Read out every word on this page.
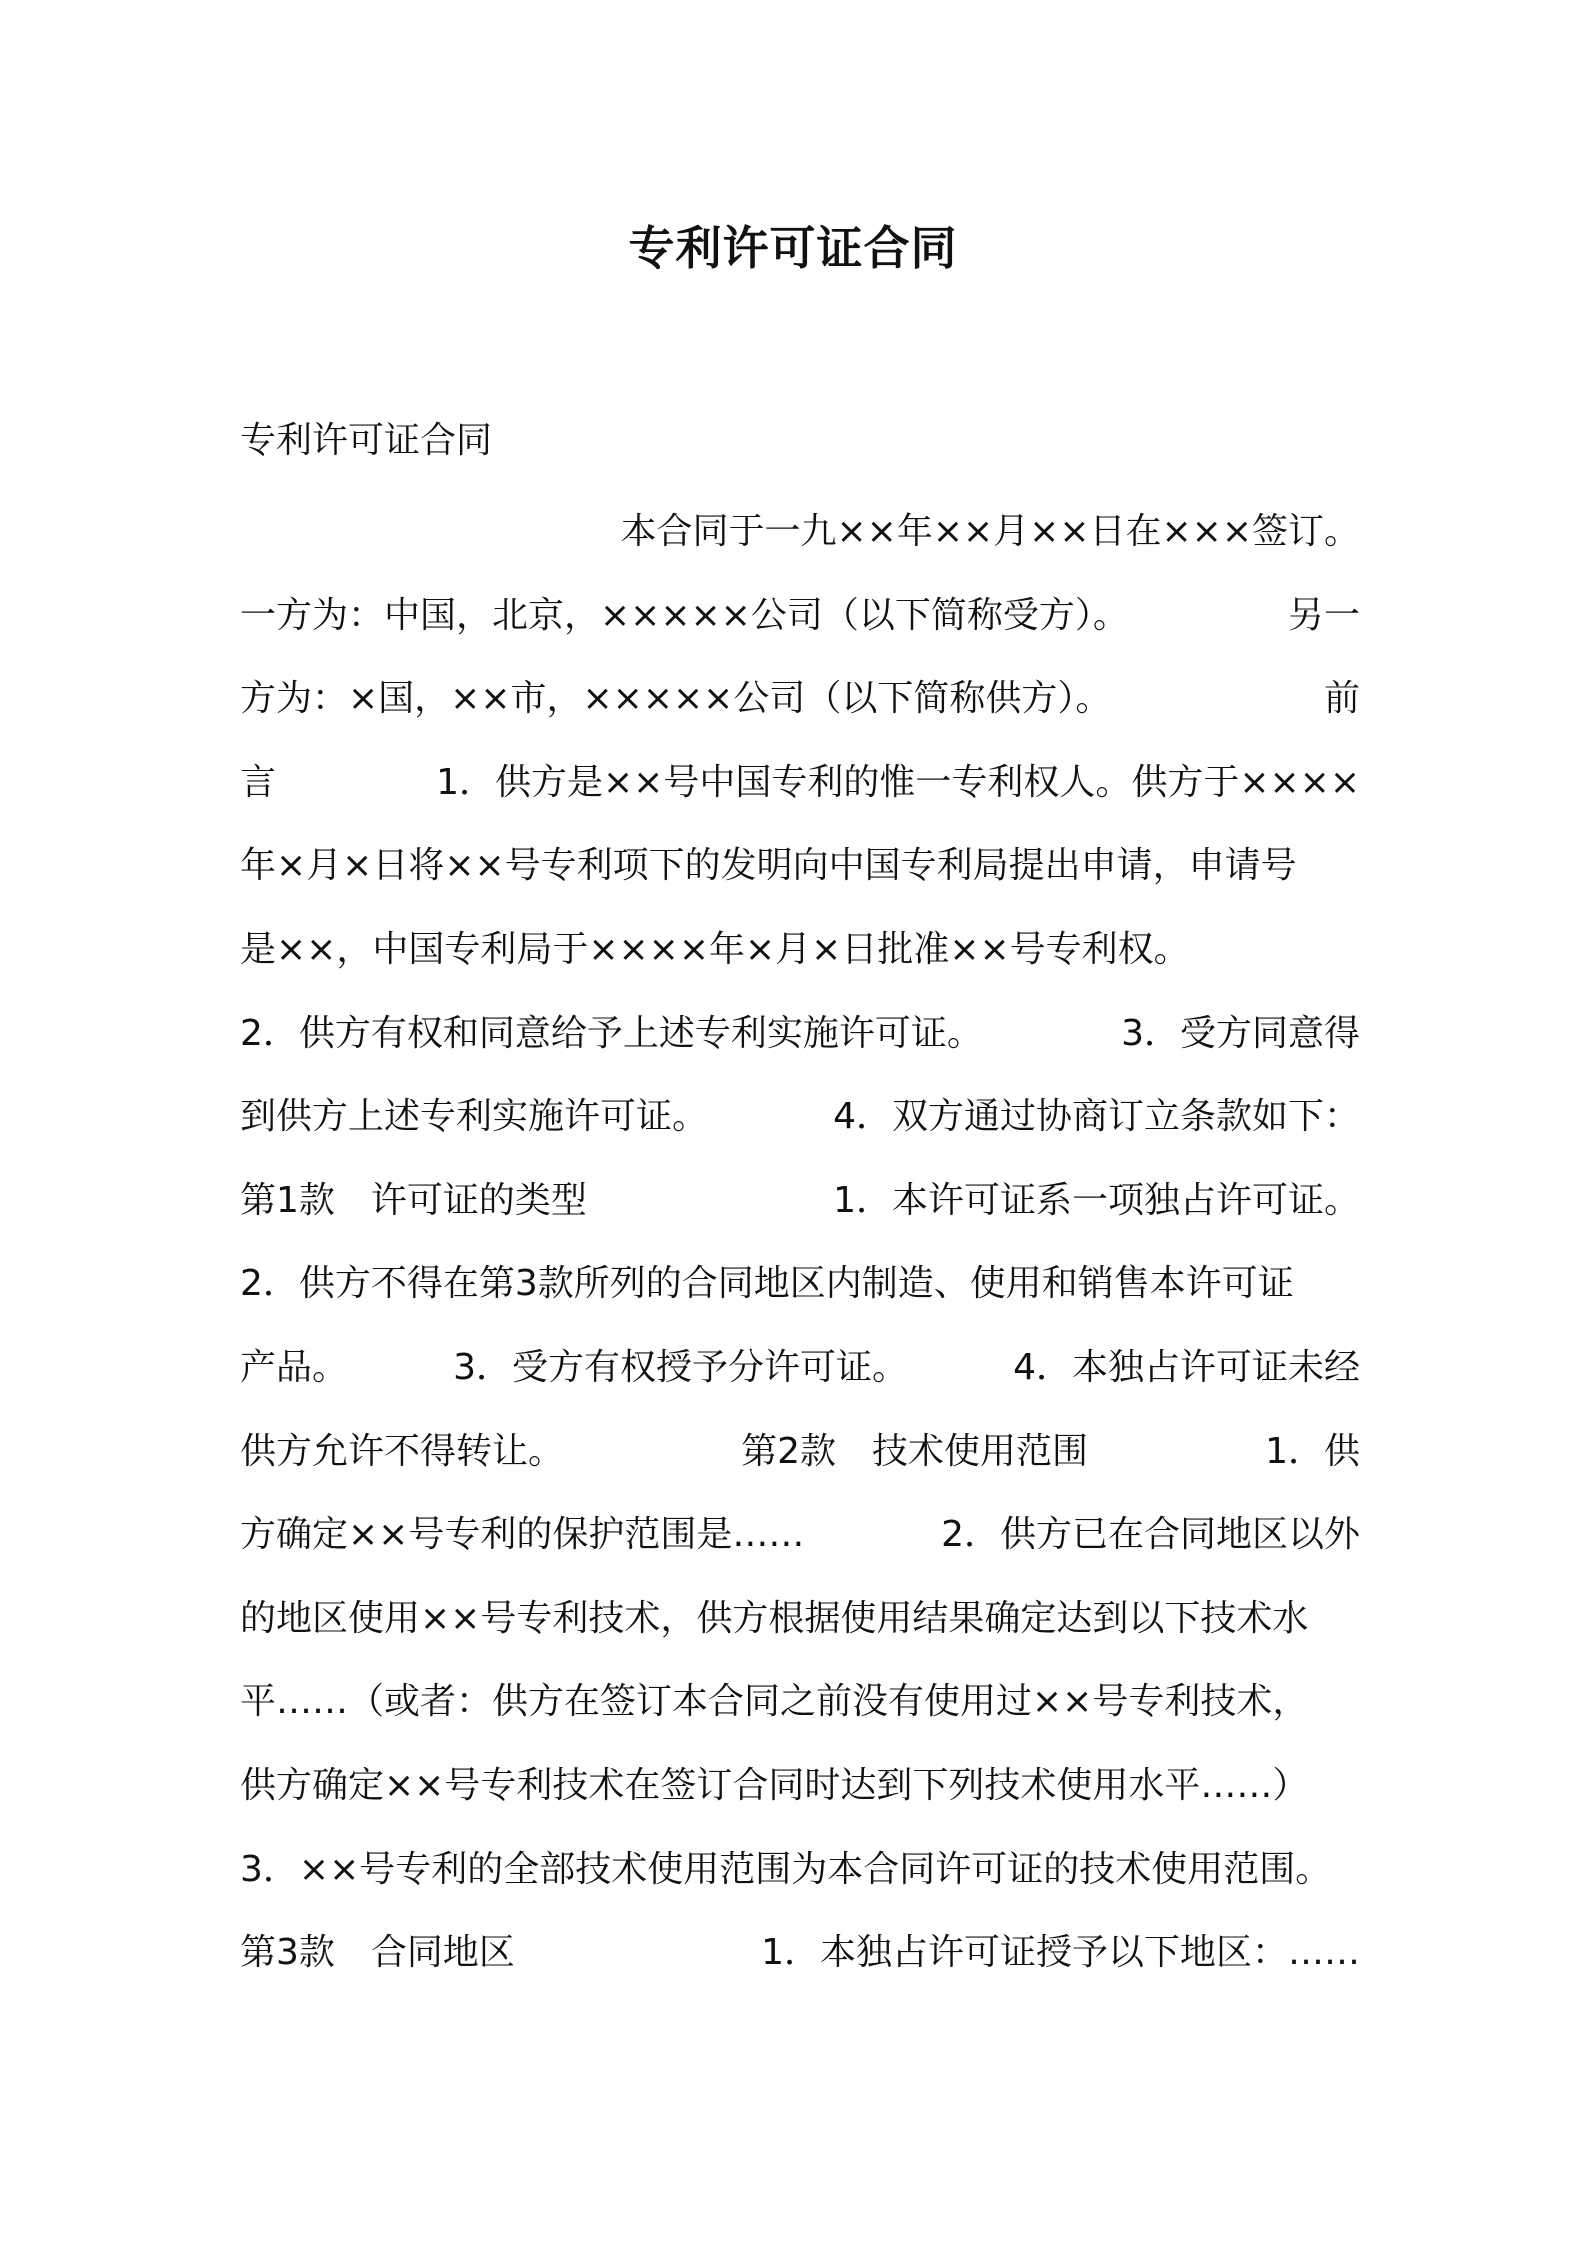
专利许可证合同
专利许可证合同
本合同于一九××年××月××日在×××签订。
一方为：中国，北京，×××××公司（以下简称受方）。	另一
方为：×国，××市，×××××公司（以下简称供方）。	前
言	1．供方是××号中国专利的惟一专利权人。供方于××××
年×月×日将××号专利项下的发明向中国专利局提出申请，申请号
是××，中国专利局于××××年×月×日批准××号专利权。
2．供方有权和同意给予上述专利实施许可证。	3．受方同意得
到供方上述专利实施许可证。	4．双方通过协商订立条款如下：
第1款　许可证的类型	1．本许可证系一项独占许可证。
2．供方不得在第3款所列的合同地区内制造、使用和销售本许可证
产品。	3．受方有权授予分许可证。	4．本独占许可证未经
供方允许不得转让。	第2款　技术使用范围	1．供
方确定××号专利的保护范围是……	2．供方已在合同地区以外
的地区使用××号专利技术，供方根据使用结果确定达到以下技术水
平……（或者：供方在签订本合同之前没有使用过××号专利技术，
供方确定××号专利技术在签订合同时达到下列技术使用水平……）
3．××号专利的全部技术使用范围为本合同许可证的技术使用范围。
第3款　合同地区	1．本独占许可证授予以下地区：……
